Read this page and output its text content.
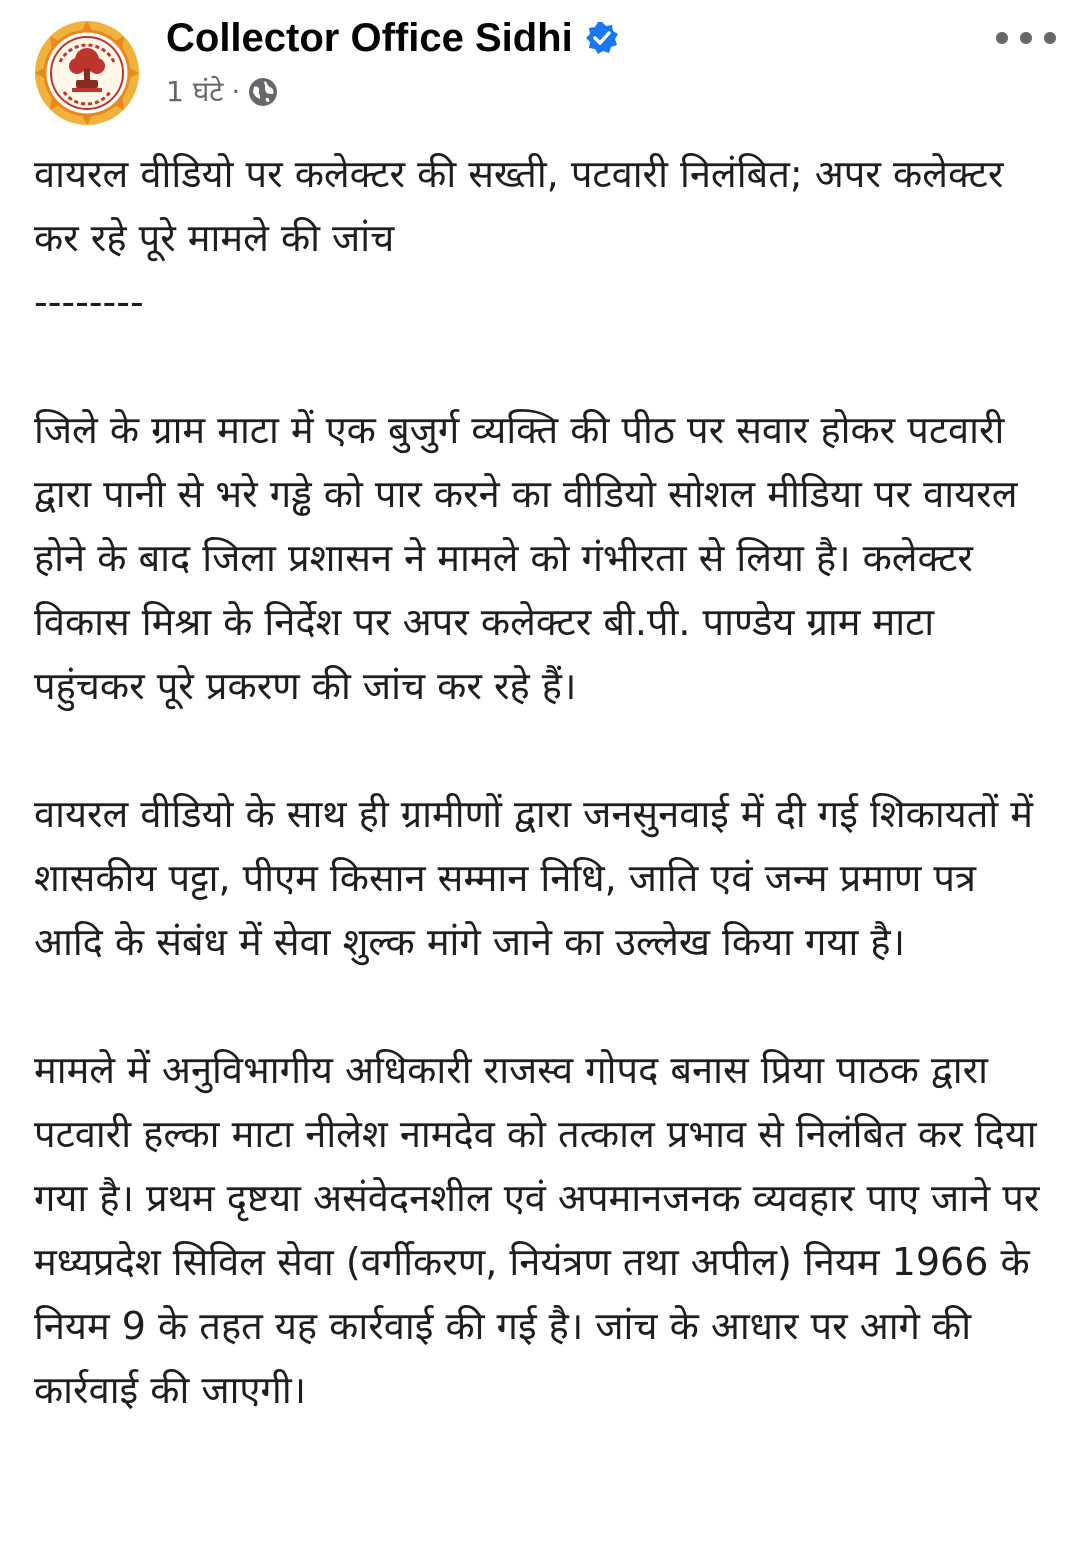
Collector Office Sidhi
1 घंटे ·

वायरल वीडियो पर कलेक्टर की सख्ती, पटवारी निलंबित; अपर कलेक्टर कर रहे पूरे मामले की जांच

--------

जिले के ग्राम माटा में एक बुजुर्ग व्यक्ति की पीठ पर सवार होकर पटवारी द्वारा पानी से भरे गड्ढे को पार करने का वीडियो सोशल मीडिया पर वायरल होने के बाद जिला प्रशासन ने मामले को गंभीरता से लिया है। कलेक्टर विकास मिश्रा के निर्देश पर अपर कलेक्टर बी.पी. पाण्डेय ग्राम माटा पहुंचकर पूरे प्रकरण की जांच कर रहे हैं।

वायरल वीडियो के साथ ही ग्रामीणों द्वारा जनसुनवाई में दी गई शिकायतों में शासकीय पट्टा, पीएम किसान सम्मान निधि, जाति एवं जन्म प्रमाण पत्र आदि के संबंध में सेवा शुल्क मांगे जाने का उल्लेख किया गया है।

मामले में अनुविभागीय अधिकारी राजस्व गोपद बनास प्रिया पाठक द्वारा पटवारी हल्का माटा नीलेश नामदेव को तत्काल प्रभाव से निलंबित कर दिया गया है। प्रथम दृष्टया असंवेदनशील एवं अपमानजनक व्यवहार पाए जाने पर मध्यप्रदेश सिविल सेवा (वर्गीकरण, नियंत्रण तथा अपील) नियम 1966 के नियम 9 के तहत यह कार्रवाई की गई है। जांच के आधार पर आगे की कार्रवाई की जाएगी।
